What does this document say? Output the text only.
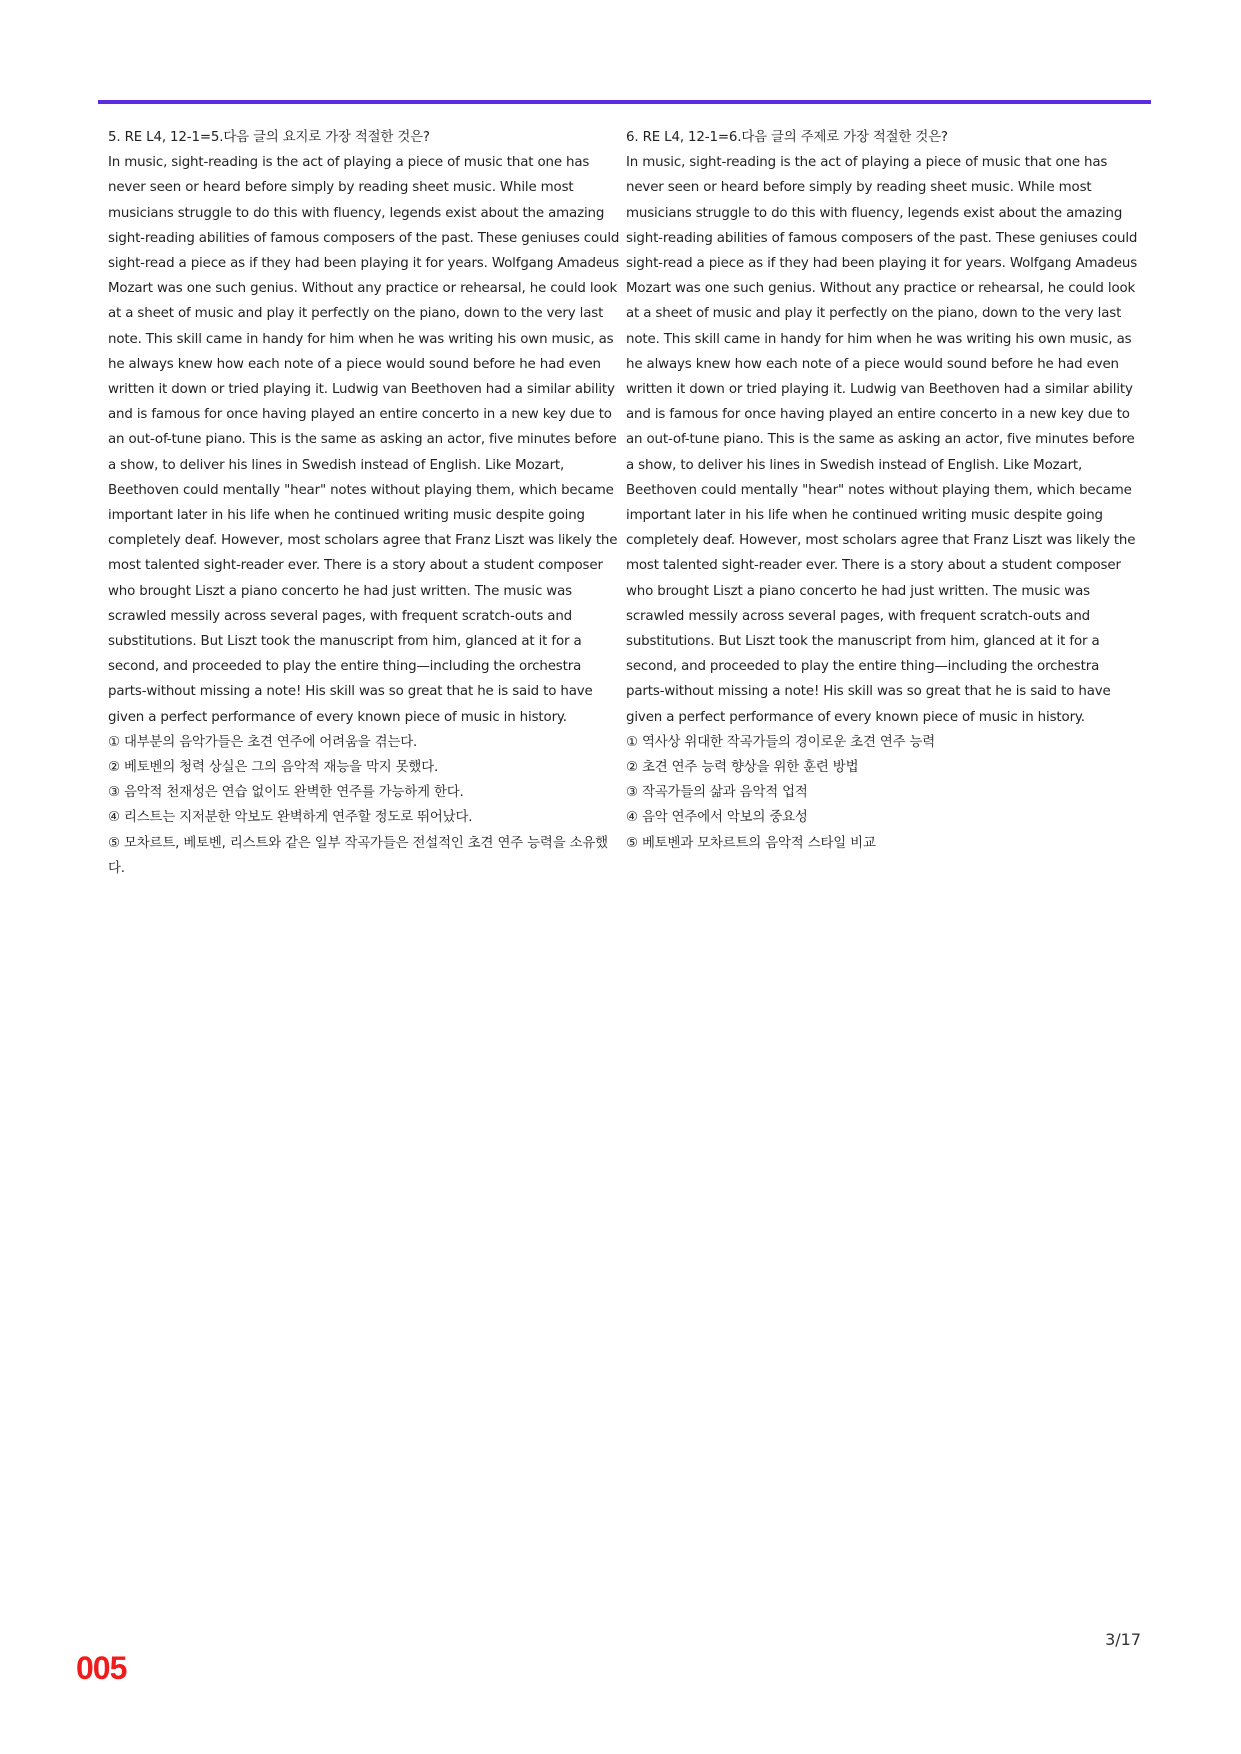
5. RE L4, 12-1=5.다음 글의 요지로 가장 적절한 것은?

In music, sight-reading is the act of playing a piece of music that one has never seen or heard before simply by reading sheet music. While most musicians struggle to do this with fluency, legends exist about the amazing sight-reading abilities of famous composers of the past. These geniuses could sight-read a piece as if they had been playing it for years. Wolfgang Amadeus Mozart was one such genius. Without any practice or rehearsal, he could look at a sheet of music and play it perfectly on the piano, down to the very last note. This skill came in handy for him when he was writing his own music, as he always knew how each note of a piece would sound before he had even written it down or tried playing it. Ludwig van Beethoven had a similar ability and is famous for once having played an entire concerto in a new key due to an out-of-tune piano. This is the same as asking an actor, five minutes before a show, to deliver his lines in Swedish instead of English. Like Mozart, Beethoven could mentally "hear" notes without playing them, which became important later in his life when he continued writing music despite going completely deaf. However, most scholars agree that Franz Liszt was likely the most talented sight-reader ever. There is a story about a student composer who brought Liszt a piano concerto he had just written. The music was scrawled messily across several pages, with frequent scratch-outs and substitutions. But Liszt took the manuscript from him, glanced at it for a second, and proceeded to play the entire thing—including the orchestra parts-without missing a note! His skill was so great that he is said to have given a perfect performance of every known piece of music in history.

① 대부분의 음악가들은 초견 연주에 어려움을 겪는다.

② 베토벤의 청력 상실은 그의 음악적 재능을 막지 못했다.

③ 음악적 천재성은 연습 없이도 완벽한 연주를 가능하게 한다.

④ 리스트는 지저분한 악보도 완벽하게 연주할 정도로 뛰어났다.

⑤ 모차르트, 베토벤, 리스트와 같은 일부 작곡가들은 전설적인 초견 연주 능력을 소유했다.

6. RE L4, 12-1=6.다음 글의 주제로 가장 적절한 것은?

In music, sight-reading is the act of playing a piece of music that one has never seen or heard before simply by reading sheet music. While most musicians struggle to do this with fluency, legends exist about the amazing sight-reading abilities of famous composers of the past. These geniuses could sight-read a piece as if they had been playing it for years. Wolfgang Amadeus Mozart was one such genius. Without any practice or rehearsal, he could look at a sheet of music and play it perfectly on the piano, down to the very last note. This skill came in handy for him when he was writing his own music, as he always knew how each note of a piece would sound before he had even written it down or tried playing it. Ludwig van Beethoven had a similar ability and is famous for once having played an entire concerto in a new key due to an out-of-tune piano. This is the same as asking an actor, five minutes before a show, to deliver his lines in Swedish instead of English. Like Mozart, Beethoven could mentally "hear" notes without playing them, which became important later in his life when he continued writing music despite going completely deaf. However, most scholars agree that Franz Liszt was likely the most talented sight-reader ever. There is a story about a student composer who brought Liszt a piano concerto he had just written. The music was scrawled messily across several pages, with frequent scratch-outs and substitutions. But Liszt took the manuscript from him, glanced at it for a second, and proceeded to play the entire thing—including the orchestra parts-without missing a note! His skill was so great that he is said to have given a perfect performance of every known piece of music in history.

① 역사상 위대한 작곡가들의 경이로운 초견 연주 능력

② 초견 연주 능력 향상을 위한 훈련 방법

③ 작곡가들의 삶과 음악적 업적

④ 음악 연주에서 악보의 중요성

⑤ 베토벤과 모차르트의 음악적 스타일 비교

3/17
005
